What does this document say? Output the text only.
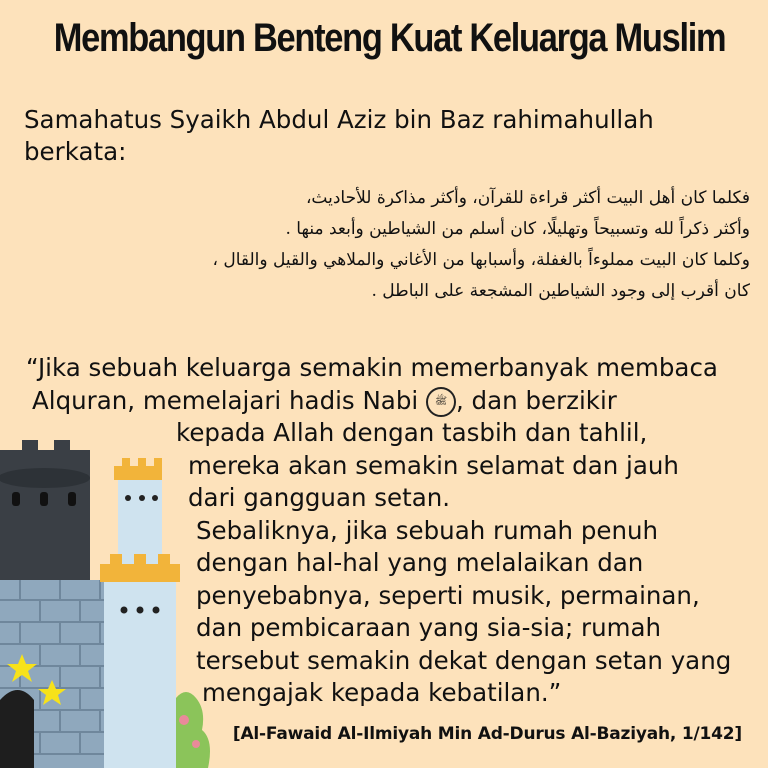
Membangun Benteng Kuat Keluarga Muslim
Samahatus Syaikh Abdul Aziz bin Baz rahimahullah berkata:
فكلما كان أهل البيت أكثر قراءة للقرآن، وأكثر مذاكرة للأحاديث،
وأكثر ذكراً لله وتسبيحاً وتهليلًا، كان أسلم من الشياطين وأبعد منها .
وكلما كان البيت مملوءاً بالغفلة، وأسبابها من الأغاني والملاهي والقيل والقال ،
كان أقرب إلى وجود الشياطين المشجعة على الباطل .
“Jika sebuah keluarga semakin memerbanyak membaca
Alquran, memelajari hadis Nabi ﷺ , dan berzikir
kepada Allah dengan tasbih dan tahlil,
mereka akan semakin selamat dan jauh
dari gangguan setan.
Sebaliknya, jika sebuah rumah penuh
dengan hal-hal yang melalaikan dan
penyebabnya, seperti musik, permainan,
dan pembicaraan yang sia-sia; rumah
tersebut semakin dekat dengan setan yang
mengajak kepada kebatilan.”
[Al-Fawaid Al-Ilmiyah Min Ad-Durus Al-Baziyah, 1/142]
